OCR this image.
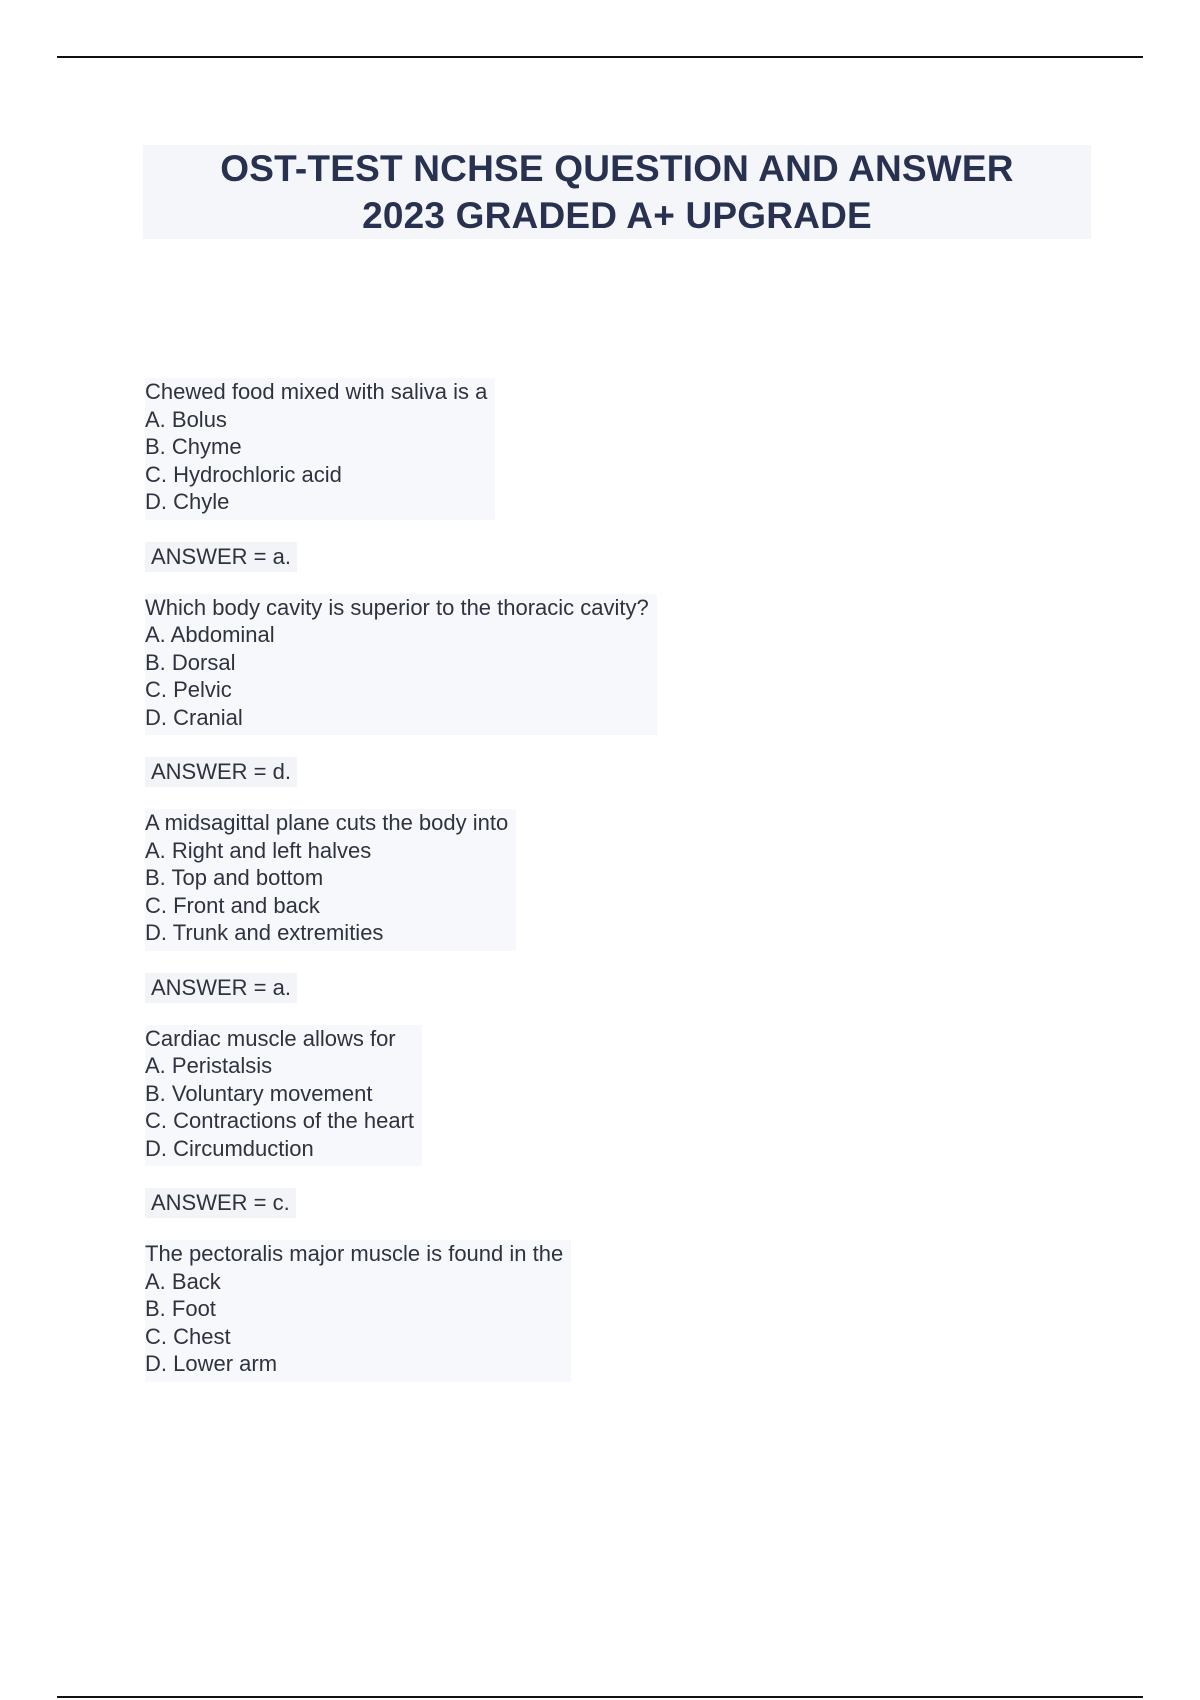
OST-TEST NCHSE QUESTION AND ANSWER
2023 GRADED A+ UPGRADE
Chewed food mixed with saliva is a
A. Bolus
B. Chyme
C. Hydrochloric acid
D. Chyle
ANSWER = a.
Which body cavity is superior to the thoracic cavity?
A. Abdominal
B. Dorsal
C. Pelvic
D. Cranial
ANSWER = d.
A midsagittal plane cuts the body into
A. Right and left halves
B. Top and bottom
C. Front and back
D. Trunk and extremities
ANSWER = a.
Cardiac muscle allows for
A. Peristalsis
B. Voluntary movement
C. Contractions of the heart
D. Circumduction
ANSWER = c.
The pectoralis major muscle is found in the
A. Back
B. Foot
C. Chest
D. Lower arm
